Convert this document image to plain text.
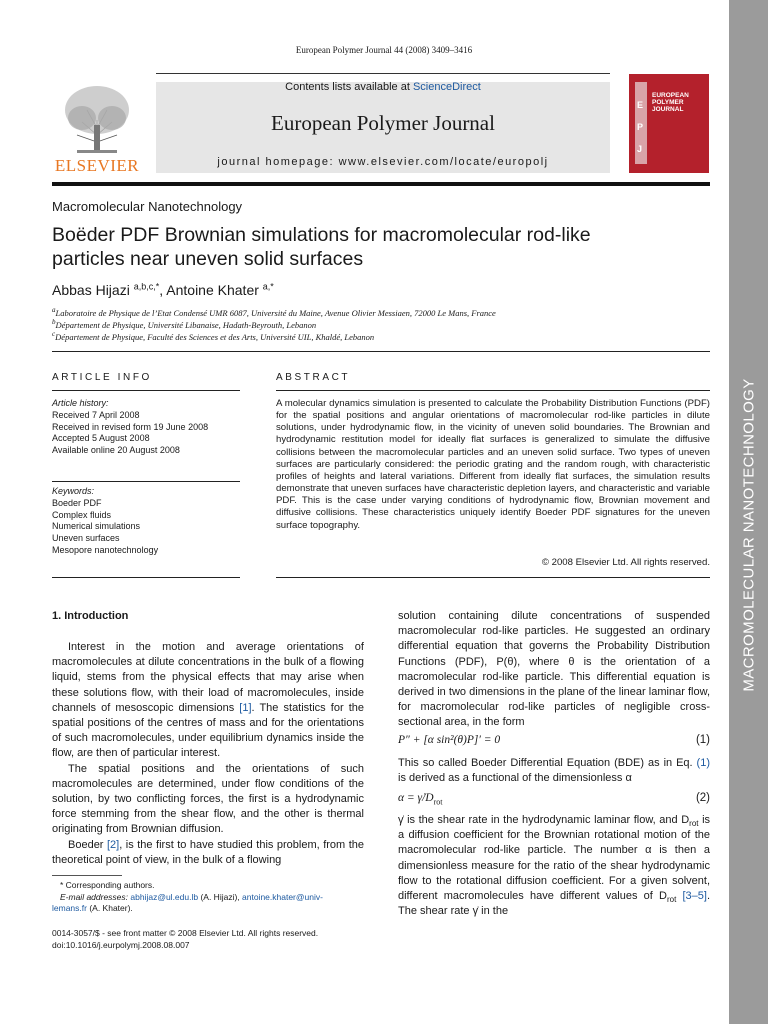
MACROMOLECULAR NANOTECHNOLOGY
European Polymer Journal 44 (2008) 3409–3416
Contents lists available at ScienceDirect
European Polymer Journal
journal homepage: www.elsevier.com/locate/europolj
ELSEVIER
EUROPEAN
POLYMER
JOURNAL
E
P
J
Macromolecular Nanotechnology
Boëder PDF Brownian simulations for macromolecular rod-like
particles near uneven solid surfaces
Abbas Hijazi $^{a,b,c,*}$, Antoine Khater $^{a,*}$
$^a$Laboratoire de Physique de l’Etat Condensé UMR 6087, Université du Maine, Avenue Olivier Messiaen, 72000 Le Mans, France
$^b$Département de Physique, Université Libanaise, Hadath-Beyrouth, Lebanon
$^c$Département de Physique, Faculté des Sciences et des Arts, Université UIL, Khaldé, Lebanon
ARTICLE INFO
Article history:
Received 7 April 2008
Received in revised form 19 June 2008
Accepted 5 August 2008
Available online 20 August 2008
Keywords:
Boeder PDF
Complex fluids
Numerical simulations
Uneven surfaces
Mesopore nanotechnology
ABSTRACT
A molecular dynamics simulation is presented to calculate the Probability Distribution Functions (PDF) for the spatial positions and angular orientations of macromolecular rod-like particles in dilute solutions, under hydrodynamic flow, in the vicinity of uneven solid boundaries. The Brownian and hydrodynamic restitution model for ideally flat surfaces is generalized to simulate the diffusive collisions between the macromolecular particles and an uneven solid surface. Two types of uneven surfaces are particularly considered: the periodic grating and the random rough, with characteristic profiles of heights and lateral variations. Different from ideally flat surfaces, the simulation results demonstrate that uneven surfaces have characteristic depletion layers, and characteristic and variable PDF. This is the case under varying conditions of hydrodynamic flow, Brownian movement and diffusive collisions. These characteristics uniquely identify Boeder PDF signatures for the uneven surface topography.
© 2008 Elsevier Ltd. All rights reserved.
1. Introduction

Interest in the motion and average orientations of macromolecules at dilute concentrations in the bulk of a flowing liquid, stems from the physical effects that may arise when these solutions flow, with their load of macromolecules, inside channels of mesoscopic dimensions [1]. The statistics for the spatial positions of the centres of mass and for the orientations of such macromolecules, under equilibrium dynamics inside the flow, are then of particular interest.

The spatial positions and the orientations of such macromolecules are determined, under flow conditions of the solution, by two conflicting forces, the first is a hydrodynamic force stemming from the shear flow, and the other is thermal originating from Brownian diffusion.

Boeder [2], is the first to have studied this problem, from the theoretical point of view, in the bulk of a flowing

solution containing dilute concentrations of suspended macromolecular rod-like particles. He suggested an ordinary differential equation that governs the Probability Distribution Functions (PDF), P(θ), where θ is the orientation of a macromolecular rod-like particle. This differential equation is derived in two dimensions in the plane of the linear laminar flow, for macromolecular rod-like particles of negligible cross-sectional area, in the form
P″ + [α sin²(θ)P]′ = 0	(1)
This so called Boeder Differential Equation (BDE) as in Eq. (1) is derived as a functional of the dimensionless α
$\alpha = \gammȧ/D_{rot}$	(2)
γ̇ is the shear rate in the hydrodynamic laminar flow, and $D_{rot}$ is a diffusion coefficient for the Brownian rotational motion of the macromolecular rod-like particle. The number α is then a dimensionless measure for the ratio of the shear hydrodynamic flow to the rotational diffusion coefficient. For a given solvent, different macromolecules have different values of $D_{rot}$ [3–5]. The shear rate γ̇ in the
* Corresponding authors.
E-mail addresses: abhijaz@ul.edu.lb (A. Hijazi), antoine.khater@univ-
lemans.fr (A. Khater).
0014-3057/$ - see front matter © 2008 Elsevier Ltd. All rights reserved.
doi:10.1016/j.eurpolymj.2008.08.007
